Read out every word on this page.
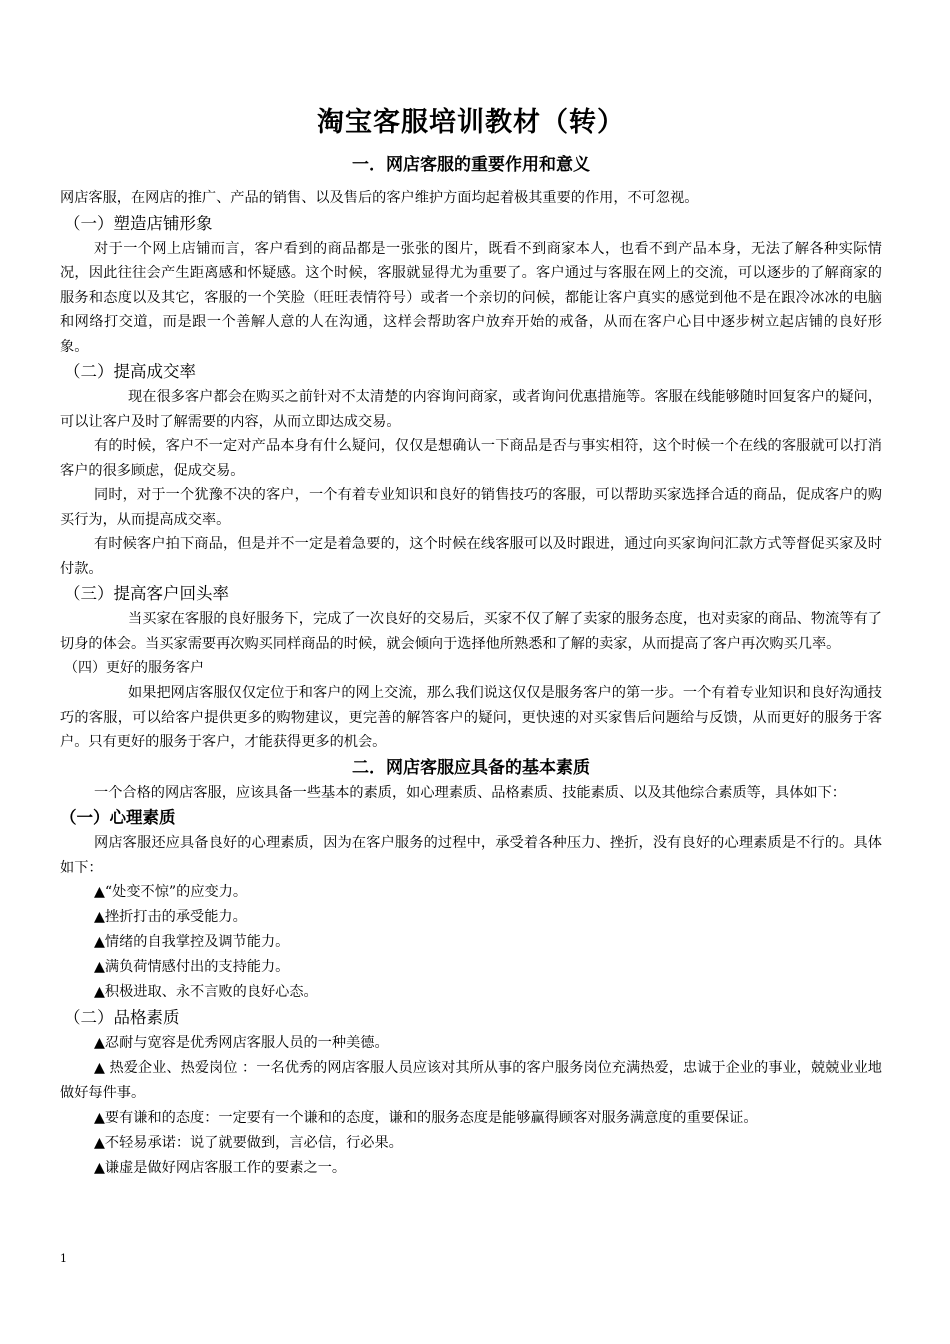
淘宝客服培训教材（转）
一．网店客服的重要作用和意义

网店客服，在网店的推广、产品的销售、以及售后的客户维护方面均起着极其重要的作用，不可忽视。

（一）塑造店铺形象

对于一个网上店铺而言，客户看到的商品都是一张张的图片，既看不到商家本人，也看不到产品本身，无法了解各种实际情况，因此往往会产生距离感和怀疑感。这个时候，客服就显得尤为重要了。客户通过与客服在网上的交流，可以逐步的了解商家的服务和态度以及其它，客服的一个笑脸（旺旺表情符号）或者一个亲切的问候，都能让客户真实的感觉到他不是在跟冷冰冰的电脑和网络打交道，而是跟一个善解人意的人在沟通，这样会帮助客户放弃开始的戒备，从而在客户心目中逐步树立起店铺的良好形象。

（二）提高成交率

现在很多客户都会在购买之前针对不太清楚的内容询问商家，或者询问优惠措施等。客服在线能够随时回复客户的疑问，可以让客户及时了解需要的内容，从而立即达成交易。

有的时候，客户不一定对产品本身有什么疑问，仅仅是想确认一下商品是否与事实相符，这个时候一个在线的客服就可以打消客户的很多顾虑，促成交易。

同时，对于一个犹豫不决的客户，一个有着专业知识和良好的销售技巧的客服，可以帮助买家选择合适的商品，促成客户的购买行为，从而提高成交率。

有时候客户拍下商品，但是并不一定是着急要的，这个时候在线客服可以及时跟进，通过向买家询问汇款方式等督促买家及时付款。

（三）提高客户回头率

当买家在客服的良好服务下，完成了一次良好的交易后，买家不仅了解了卖家的服务态度，也对卖家的商品、物流等有了切身的体会。当买家需要再次购买同样商品的时候，就会倾向于选择他所熟悉和了解的卖家，从而提高了客户再次购买几率。

（四）更好的服务客户

如果把网店客服仅仅定位于和客户的网上交流，那么我们说这仅仅是服务客户的第一步。一个有着专业知识和良好沟通技巧的客服，可以给客户提供更多的购物建议，更完善的解答客户的疑问，更快速的对买家售后问题给与反馈，从而更好的服务于客户。只有更好的服务于客户，才能获得更多的机会。

二．网店客服应具备的基本素质

一个合格的网店客服，应该具备一些基本的素质，如心理素质、品格素质、技能素质、以及其他综合素质等，具体如下：

（一）心理素质

网店客服还应具备良好的心理素质，因为在客户服务的过程中，承受着各种压力、挫折，没有良好的心理素质是不行的。具体如下：

▲“处变不惊”的应变力。

▲挫折打击的承受能力。

▲情绪的自我掌控及调节能力。

▲满负荷情感付出的支持能力。

▲积极进取、永不言败的良好心态。

（二）品格素质

▲忍耐与宽容是优秀网店客服人员的一种美德。

▲ 热爱企业、热爱岗位 ：一名优秀的网店客服人员应该对其所从事的客户服务岗位充满热爱，忠诚于企业的事业，兢兢业业地做好每件事。

▲要有谦和的态度：一定要有一个谦和的态度，谦和的服务态度是能够赢得顾客对服务满意度的重要保证。

▲不轻易承诺：说了就要做到，言必信，行必果。

▲谦虚是做好网店客服工作的要素之一。

1
